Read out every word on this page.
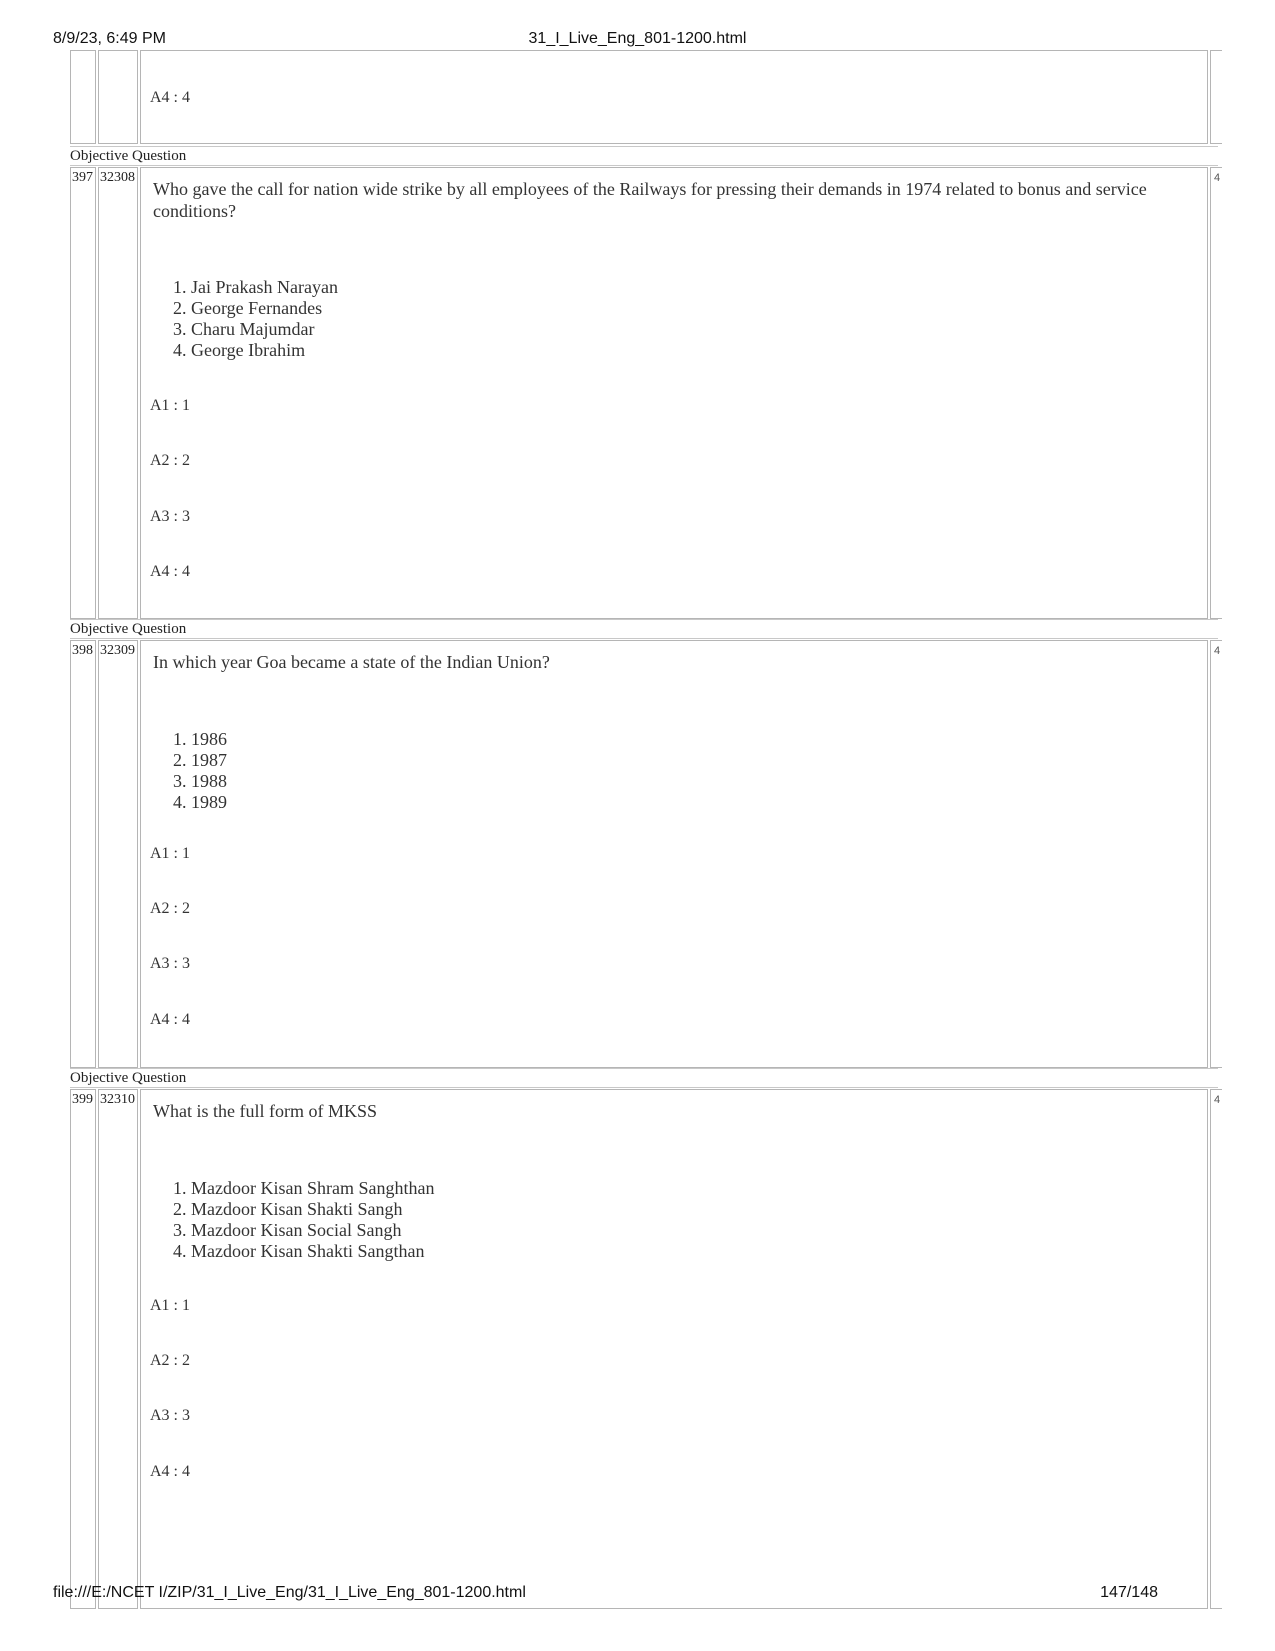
8/9/23, 6:49 PM	31_I_Live_Eng_801-1200.html
A4 : 4
Objective Question
397 32308
Who gave the call for nation wide strike by all employees of the Railways for pressing their demands in 1974 related to bonus and service conditions?
1. Jai Prakash Narayan
2. George Fernandes
3. Charu Majumdar
4. George Ibrahim
A1 : 1
A2 : 2
A3 : 3
A4 : 4
4
Objective Question
398 32309
In which year Goa became a state of the Indian Union?
1. 1986
2. 1987
3. 1988
4. 1989
A1 : 1
A2 : 2
A3 : 3
A4 : 4
4
Objective Question
399 32310
What is the full form of MKSS
1. Mazdoor Kisan Shram Sanghthan
2. Mazdoor Kisan Shakti Sangh
3. Mazdoor Kisan Social Sangh
4. Mazdoor Kisan Shakti Sangthan
A1 : 1
A2 : 2
A3 : 3
A4 : 4
4
file:///E:/NCET I/ZIP/31_I_Live_Eng/31_I_Live_Eng_801-1200.html	147/148
